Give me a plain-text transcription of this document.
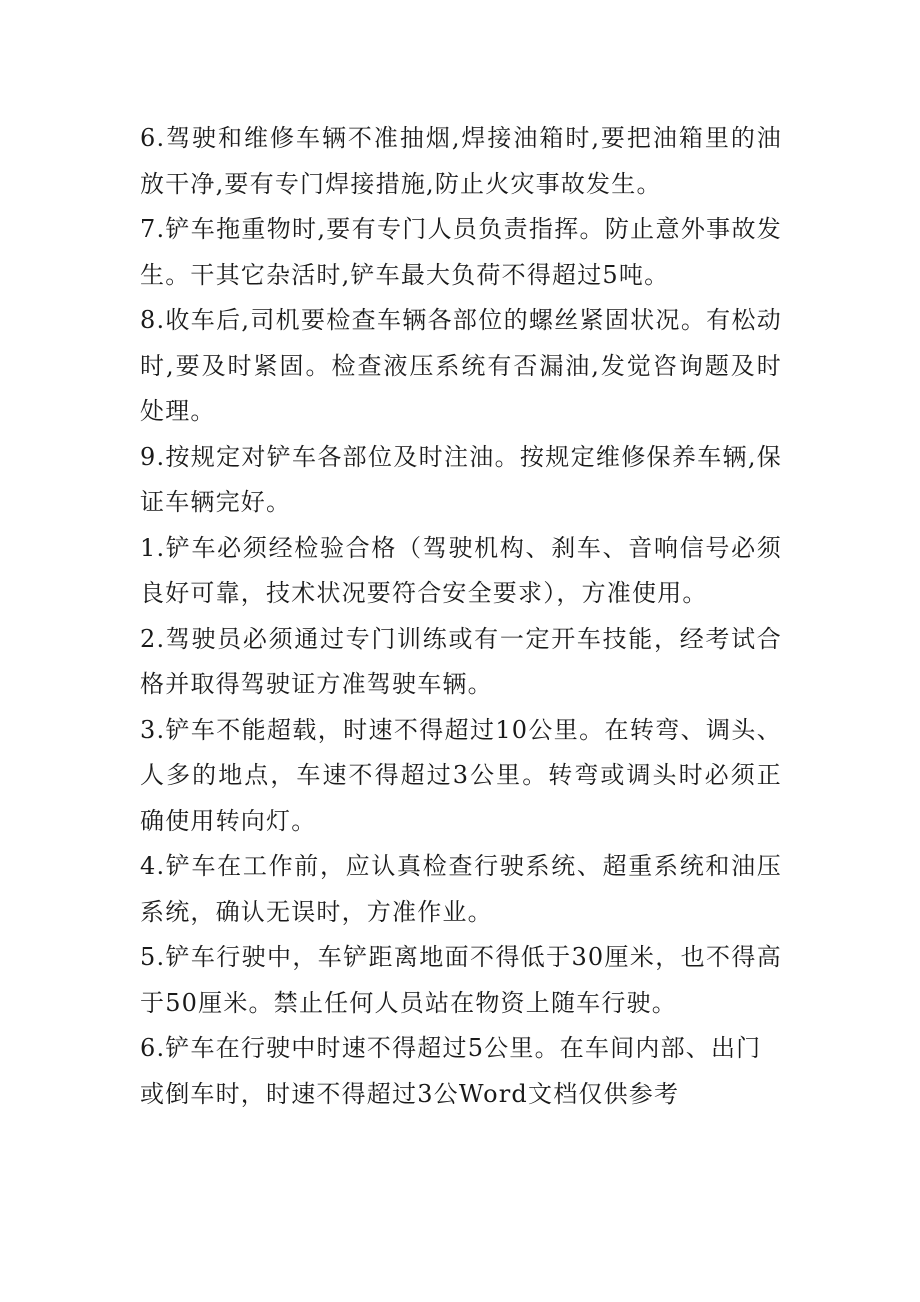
6.驾驶和维修车辆不准抽烟,焊接油箱时,要把油箱里的油放干净,要有专门焊接措施,防止火灾事故发生。

7.铲车拖重物时,要有专门人员负责指挥。防止意外事故发生。干其它杂活时,铲车最大负荷不得超过5吨。

8.收车后,司机要检查车辆各部位的螺丝紧固状况。有松动时,要及时紧固。检查液压系统有否漏油,发觉咨询题及时处理。

9.按规定对铲车各部位及时注油。按规定维修保养车辆,保证车辆完好。

1.铲车必须经检验合格（驾驶机构、刹车、音响信号必须良好可靠，技术状况要符合安全要求），方准使用。

2.驾驶员必须通过专门训练或有一定开车技能，经考试合格并取得驾驶证方准驾驶车辆。

3.铲车不能超载，时速不得超过10公里。在转弯、调头、人多的地点，车速不得超过3公里。转弯或调头时必须正确使用转向灯。

4.铲车在工作前，应认真检查行驶系统、超重系统和油压系统，确认无误时，方准作业。

5.铲车行驶中，车铲距离地面不得低于30厘米，也不得高于50厘米。禁止任何人员站在物资上随车行驶。

6.铲车在行驶中时速不得超过5公里。在车间内部、出门或倒车时，时速不得超过3公Word文档仅供参考
